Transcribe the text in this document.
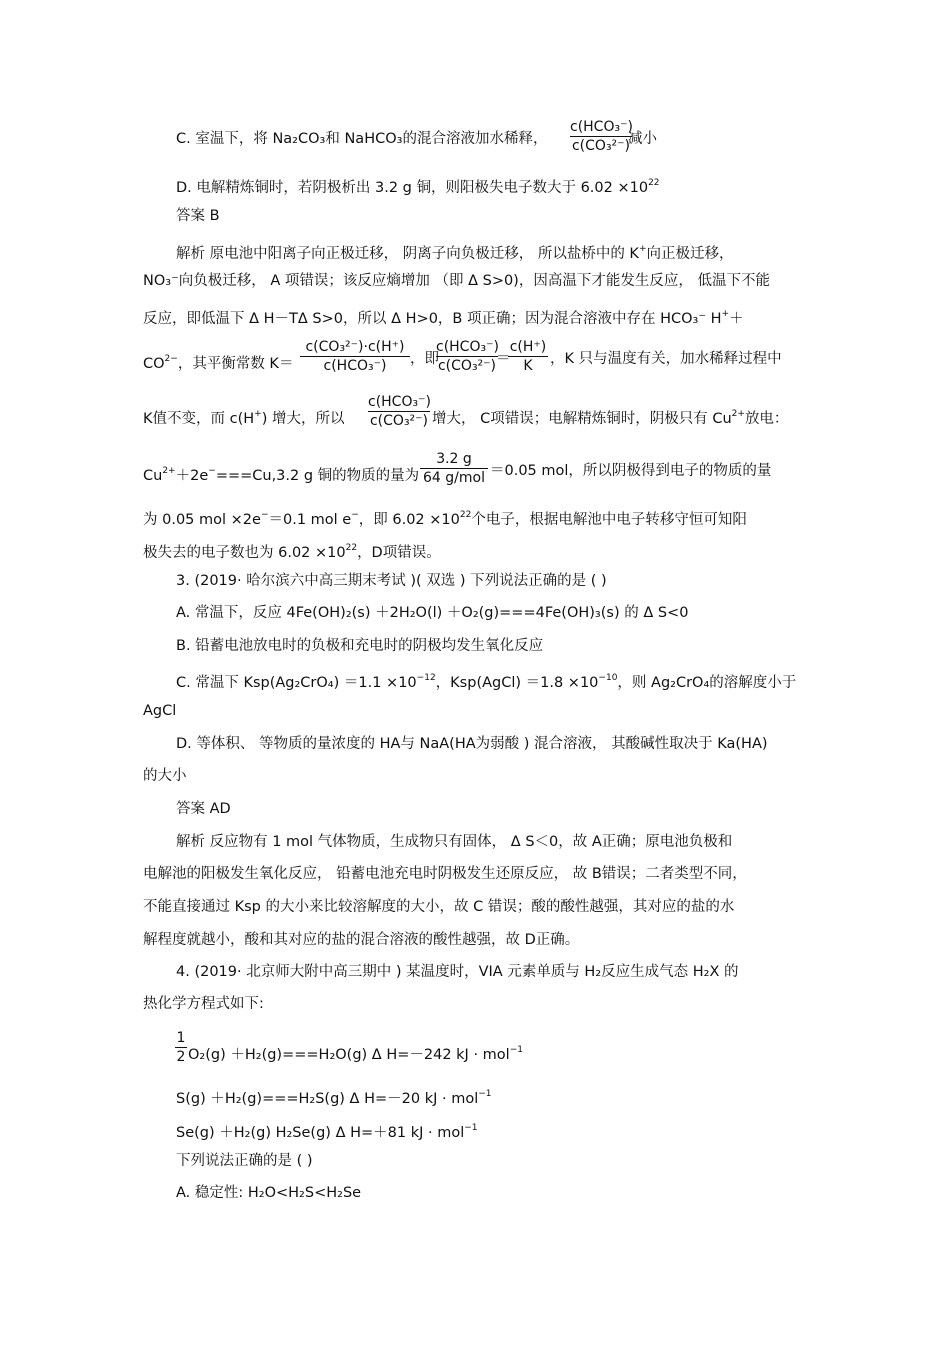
C. 室温下，将 Na₂CO₃和 NaHCO₃的混合溶液加水稀释，
c(HCO₃⁻)
c(CO₃²⁻)
减小
D. 电解精炼铜时，若阴极析出 3.2 g 铜，则阳极失电子数大于 $6.02 \times 10^{22}$
答案 B
解析 原电池中阳离子向正极迁移， 阴离子向负极迁移， 所以盐桥中的 K+向正极迁移，
NO₃⁻向负极迁移， A 项错误；该反应熵增加 （即 Δ S>0)，因高温下才能发生反应， 低温下不能
反应，即低温下 Δ H－TΔ S>0，所以 Δ H>0，B 项正确；因为混合溶液中存在 HCO₃⁻ H+＋
$CO^{2-}$，其平衡常数 K＝
c(CO₃²⁻)·c(H⁺)
c(HCO₃⁻)	，即
c(HCO₃⁻)
c(CO₃²⁻) ＝
c(H⁺)
K	，K 只与温度有关，加水稀释过程中
K值不变，而 c(H+) 增大，所以
c(HCO₃⁻)
c(CO₃²⁻) 增大， C项错误；电解精炼铜时，阴极只有 $Cu^{2+}$放电：
$Cu^{2+}+2e^-===Cu,3.2$ g 铜的物质的量为
3.2 g
64 g/mol ＝0.05 mol，所以阴极得到电子的物质的量
为 0.05 mol ×2e−＝0.1 mol e−，即 $6.02 \times 10^{22}$个电子，根据电解池中电子转移守恒可知阳
极失去的电子数也为 $6.02 \times 10^{22}$，D项错误。
3. (2019· 哈尔滨六中高三期末考试 )( 双选 ) 下列说法正确的是 ( )
A. 常温下，反应 4Fe(OH)₂(s) ＋2H₂O(l) ＋O₂(g)===4Fe(OH)₃(s) 的 Δ S<0
B. 铅蓄电池放电时的负极和充电时的阴极均发生氧化反应
C. 常温下 $Ksp(Ag_2CrO_4) =1.1 \times 10^{-12}$，Ksp(AgCl) $=1.8 \times 10^{-10}$，则 Ag₂CrO₄的溶解度小于
AgCl
D. 等体积、 等物质的量浓度的 HA与 NaA(HA为弱酸 ) 混合溶液， 其酸碱性取决于 Ka(HA)
的大小
答案 AD
解析 反应物有 1 mol 气体物质，生成物只有固体， Δ S＜0，故 A正确；原电池负极和
电解池的阳极发生氧化反应， 铅蓄电池充电时阴极发生还原反应， 故 B错误；二者类型不同，
不能直接通过 Ksp 的大小来比较溶解度的大小，故 C 错误；酸的酸性越强，其对应的盐的水
解程度就越小，酸和其对应的盐的混合溶液的酸性越强，故 D正确。
4. (2019· 北京师大附中高三期中 ) 某温度时，VIA 元素单质与 H₂反应生成气态 H₂X 的
热化学方程式如下:
1
2 O₂(g) ＋H₂(g)===H₂O(g) Δ H=－242 kJ · mol$^{-1}$
S(g) ＋H₂(g)===H₂S(g) Δ H=－20 kJ · mol$^{-1}$
Se(g) ＋H₂(g) H₂Se(g) Δ H=＋81 kJ · mol$^{-1}$
下列说法正确的是 ( )
A. 稳定性: H₂O<H₂S<H₂Se
